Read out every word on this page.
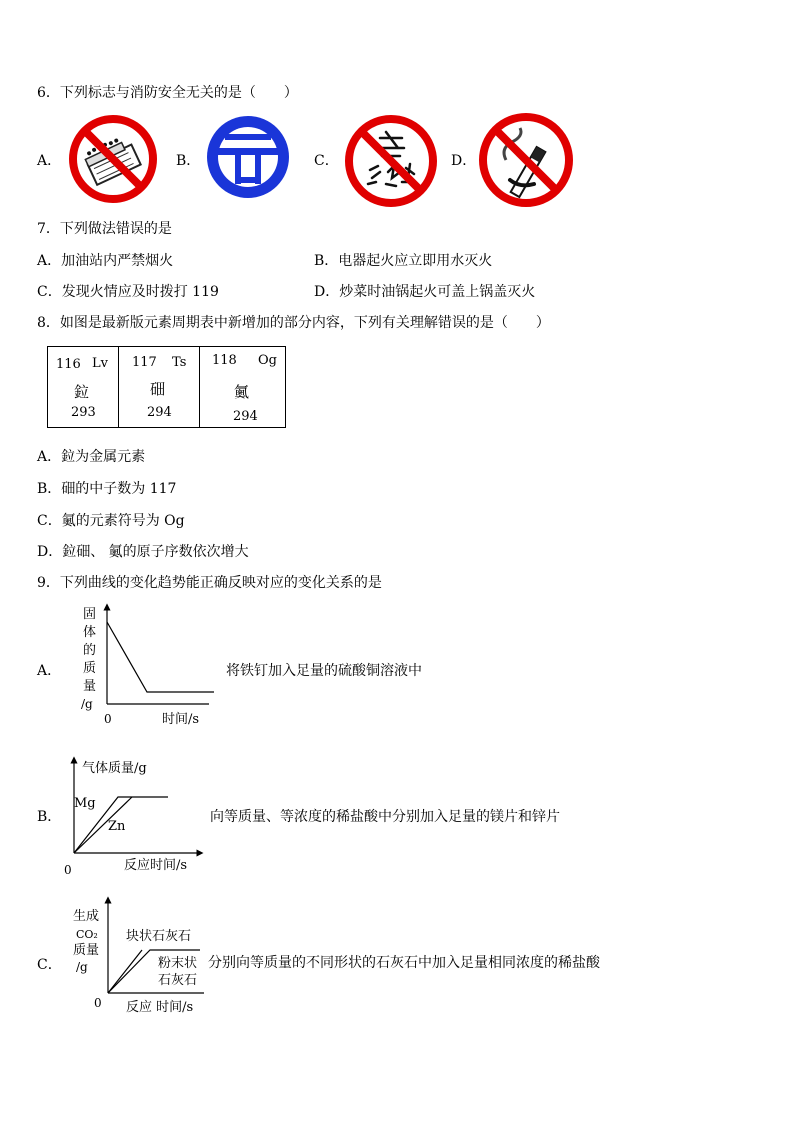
6．下列标志与消防安全无关的是（　　）
A．	B．	C．	D．
7．下列做法错误的是
A．加油站内严禁烟火	B．电器起火应立即用水灭火
C．发现火情应及时拨打 119	D．炒菜时油锅起火可盖上锅盖灭火
8．如图是最新版元素周期表中新增加的部分内容，下列有关理解错误的是（　　）
116 Lv
鉝
293

117 Ts
鿬
294

118 Og
鿫
294
A．鉝为金属元素
B．鿬的中子数为 117
C．鿫的元素符号为 Og
D．鉝鿬、 鿫的原子序数依次增大
9．下列曲线的变化趋势能正确反映对应的变化关系的是
A．
固
体
的
质
量
/g
0	时间/s
将铁钉加入足量的硫酸铜溶液中
B．
气体质量/g
Mg
Zn
0	反应时间/s
向等质量、等浓度的稀盐酸中分别加入足量的镁片和锌片
C．
生成
CO₂
质量
/g
块状石灰石
粉末状
石灰石
0 反应 时间/s
分别向等质量的不同形状的石灰石中加入足量相同浓度的稀盐酸
